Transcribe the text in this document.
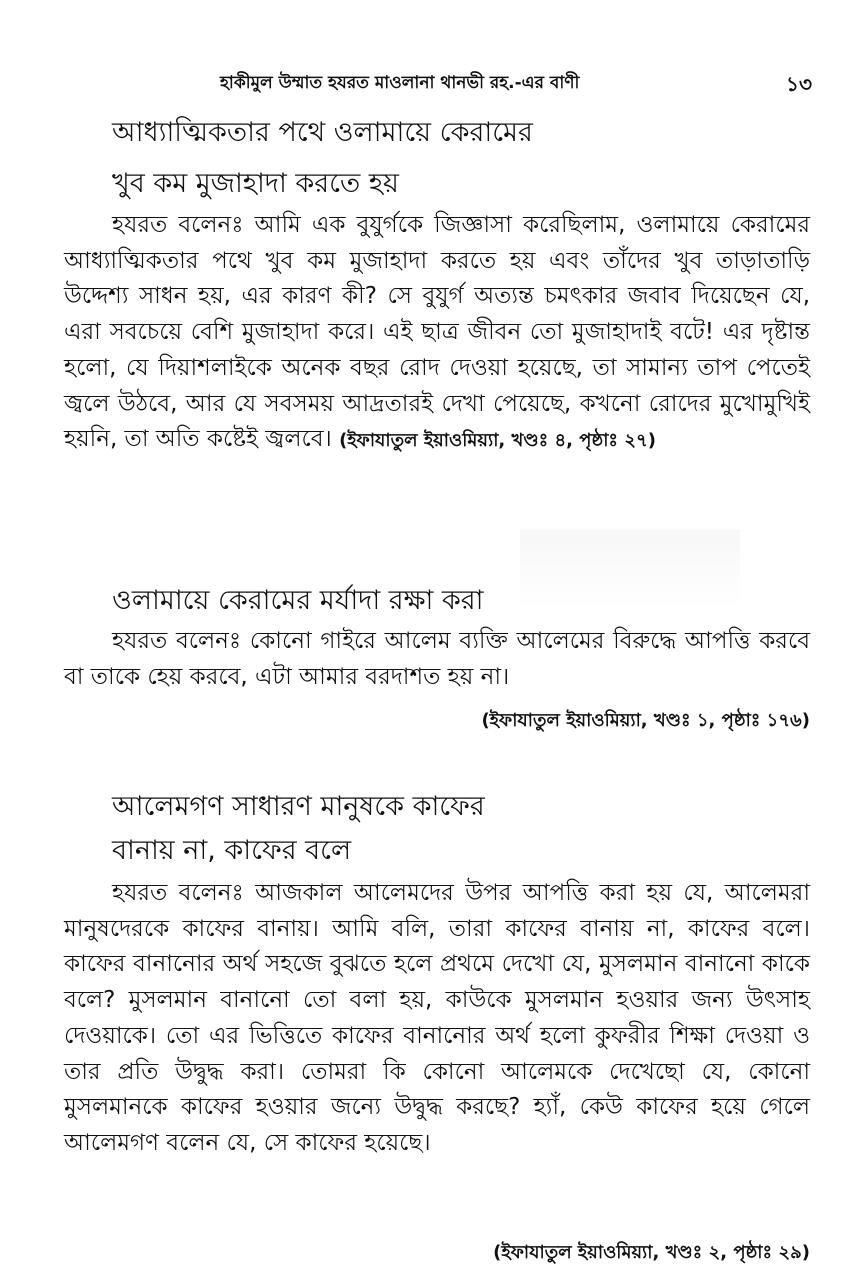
হাকীমুল উম্মাত হযরত মাওলানা থানভী রহ.-এর বাণী	১৩
আধ্যাত্মিকতার পথে ওলামায়ে কেরামের
খুব কম মুজাহাদা করতে হয়
হযরত বলেনঃ আমি এক বুযুর্গকে জিজ্ঞাসা করেছিলাম, ওলামায়ে কেরামের আধ্যাত্মিকতার পথে খুব কম মুজাহাদা করতে হয় এবং তাঁদের খুব তাড়াতাড়ি উদ্দেশ্য সাধন হয়, এর কারণ কী? সে বুযুর্গ অত্যন্ত চমৎকার জবাব দিয়েছেন যে, এরা সবচেয়ে বেশি মুজাহাদা করে। এই ছাত্র জীবন তো মুজাহাদাই বটে! এর দৃষ্টান্ত হলো, যে দিয়াশলাইকে অনেক বছর রোদ দেওয়া হয়েছে, তা সামান্য তাপ পেতেই জ্বলে উঠবে, আর যে সবসময় আদ্রতারই দেখা পেয়েছে, কখনো রোদের মুখোমুখিই হয়নি, তা অতি কষ্টেই জ্বলবে। (ইফাযাতুল ইয়াওমিয়্যা, খণ্ডঃ ৪, পৃষ্ঠাঃ ২৭)
ওলামায়ে কেরামের মর্যাদা রক্ষা করা
হযরত বলেনঃ কোনো গাইরে আলেম ব্যক্তি আলেমের বিরুদ্ধে আপত্তি করবে বা তাকে হেয় করবে, এটা আমার বরদাশত হয় না।
(ইফাযাতুল ইয়াওমিয়্যা, খণ্ডঃ ১, পৃষ্ঠাঃ ১৭৬)
আলেমগণ সাধারণ মানুষকে কাফের
বানায় না, কাফের বলে
হযরত বলেনঃ আজকাল আলেমদের উপর আপত্তি করা হয় যে, আলেমরা মানুষদেরকে কাফের বানায়। আমি বলি, তারা কাফের বানায় না, কাফের বলে। কাফের বানানোর অর্থ সহজে বুঝতে হলে প্রথমে দেখো যে, মুসলমান বানানো কাকে বলে? মুসলমান বানানো তো বলা হয়, কাউকে মুসলমান হওয়ার জন্য উৎসাহ দেওয়াকে। তো এর ভিত্তিতে কাফের বানানোর অর্থ হলো কুফরীর শিক্ষা দেওয়া ও তার প্রতি উদ্বুদ্ধ করা। তোমরা কি কোনো আলেমকে দেখেছো যে, কোনো মুসলমানকে কাফের হওয়ার জন্যে উদ্বুদ্ধ করছে? হ্যাঁ, কেউ কাফের হয়ে গেলে আলেমগণ বলেন যে, সে কাফের হয়েছে।
(ইফাযাতুল ইয়াওমিয়্যা, খণ্ডঃ ২, পৃষ্ঠাঃ ২৯)
